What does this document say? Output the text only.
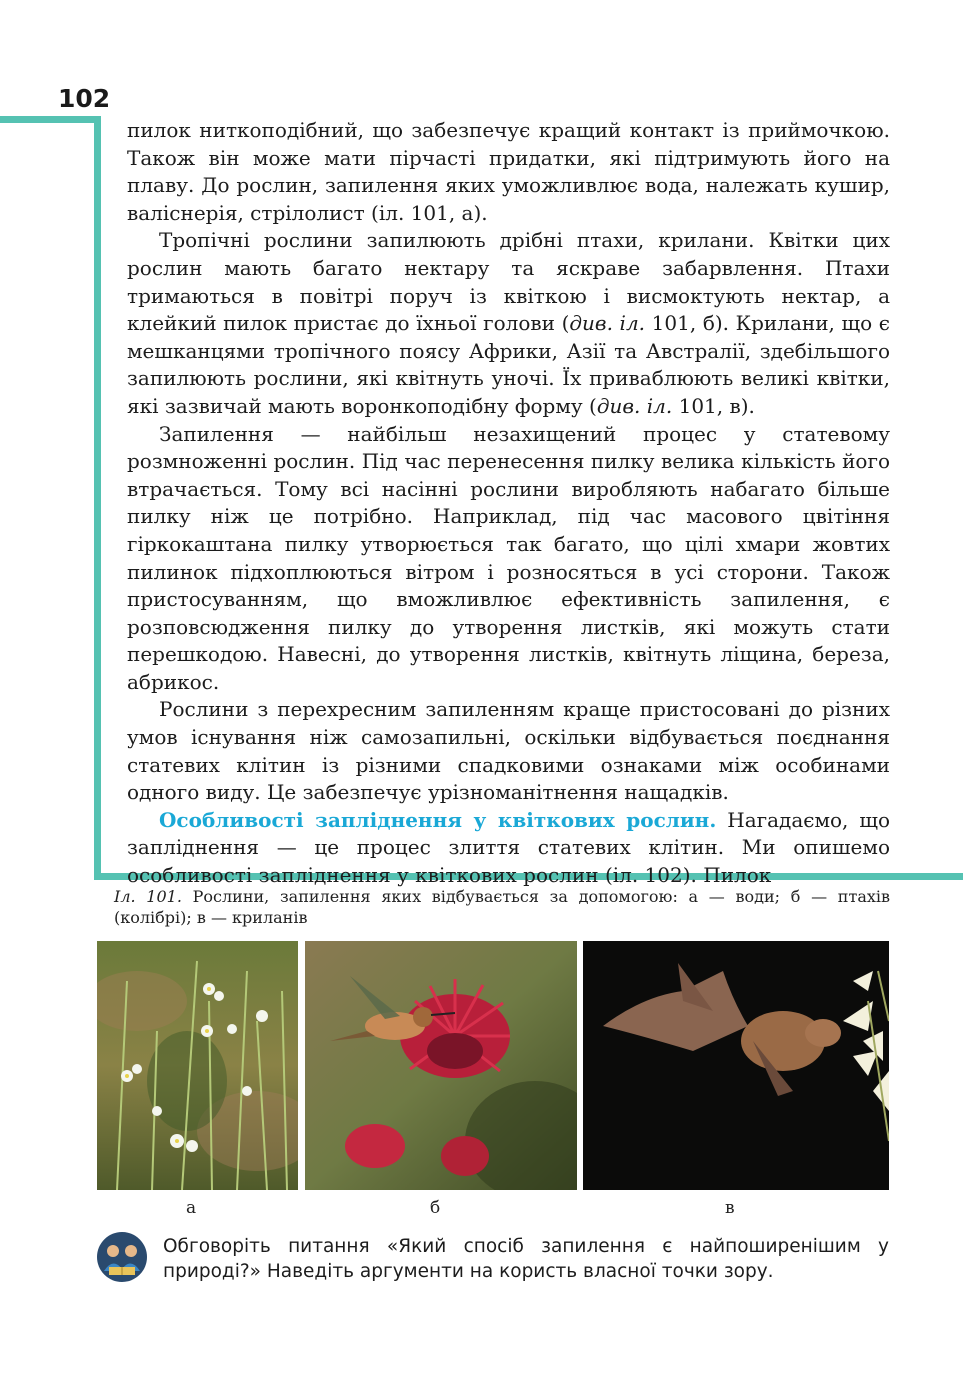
102

пилок ниткоподібний, що забезпечує кращий контакт із приймочкою. Також він може мати пірчасті придатки, які підтримують його на плаву. До рослин, запилення яких уможливлює вода, належать кушир, валіснерія, стрілолист (іл. 101, а).

Тропічні рослини запилюють дрібні птахи, крилани. Квітки цих рослин мають багато нектару та яскраве забарвлення. Птахи тримаються в повітрі поруч із квіткою і висмоктують нектар, а клейкий пилок пристає до їхньої голови (див. іл. 101, б). Крилани, що є мешканцями тропічного поясу Африки, Азії та Австралії, здебільшого запилюють рослини, які квітнуть уночі. Їх приваблюють великі квітки, які зазвичай мають воронкоподібну форму (див. іл. 101, в).

Запилення — найбільш незахищений процес у статевому розмноженні рослин. Під час перенесення пилку велика кількість його втрачається. Тому всі насінні рослини виробляють набагато більше пилку ніж це потрібно. Наприклад, під час масового цвітіння гіркокаштана пилку утворюється так багато, що цілі хмари жовтих пилинок підхоплюються вітром і розносяться в усі сторони. Також пристосуванням, що вможливлює ефективність запилення, є розповсюдження пилку до утворення листків, які можуть стати перешкодою. Навесні, до утворення листків, квітнуть ліщина, береза, абрикос.

Рослини з перехресним запиленням краще пристосовані до різних умов існування ніж самозапильні, оскільки відбувається поєднання статевих клітин із різними спадковими ознаками між особинами одного виду. Це забезпечує урізноманітнення нащадків.

Особливості запліднення у квіткових рослин. Нагадаємо, що запліднення — це процес злиття статевих клітин. Ми опишемо особливості запліднення у квіткових рослин (іл. 102). Пилок

Іл. 101. Рослини, запилення яких відбувається за допомогою: а — води; б — птахів (колібрі); в — криланів
а	б	в
Обговоріть питання «Який спосіб запилення є найпоширенішим у природі?» Наведіть аргументи на користь власної точки зору.
